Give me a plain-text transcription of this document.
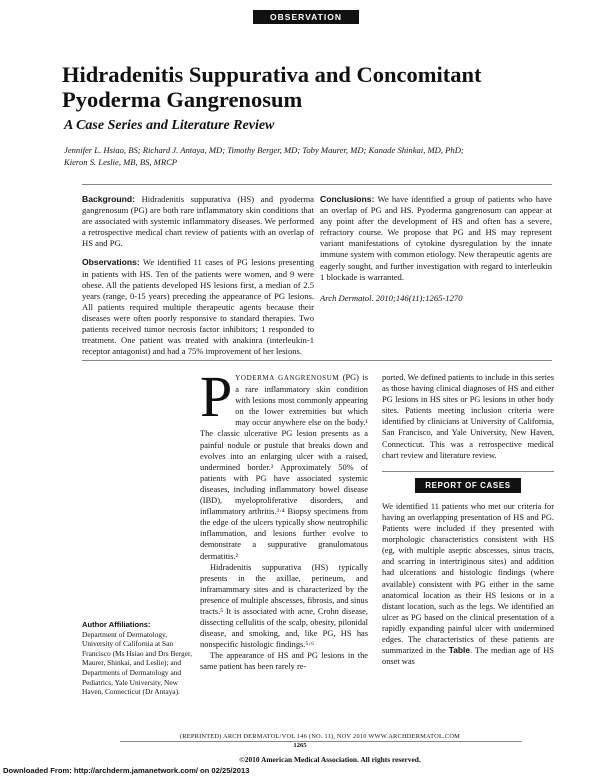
OBSERVATION
Hidradenitis Suppurativa and Concomitant Pyoderma Gangrenosum
A Case Series and Literature Review

Jennifer L. Hsiao, BS; Richard J. Antaya, MD; Timothy Berger, MD; Toby Maurer, MD; Kanade Shinkai, MD, PhD; Kieron S. Leslie, MB, BS, MRCP

Background: Hidradenitis suppurativa (HS) and pyoderma gangrenosum (PG) are both rare inflammatory skin conditions that are associated with systemic inflammatory diseases. We performed a retrospective medical chart review of patients with an overlap of HS and PG.

Observations: We identified 11 cases of PG lesions presenting in patients with HS. Ten of the patients were women, and 9 were obese. All the patients developed HS lesions first, a median of 2.5 years (range, 0-15 years) preceding the appearance of PG lesions. All patients required multiple therapeutic agents because their diseases were often poorly responsive to standard therapies. Two patients received tumor necrosis factor inhibitors; 1 responded to treatment. One patient was treated with anakinra (interleukin-1 receptor antagonist) and had a 75% improvement of her lesions.

Conclusions: We have identified a group of patients who have an overlap of PG and HS. Pyoderma gangrenosum can appear at any point after the development of HS and often has a severe, refractory course. We propose that PG and HS may represent variant manifestations of cytokine dysregulation by the innate immune system with common etiology. New therapeutic agents are eagerly sought, and further investigation with regard to interleukin 1 blockade is warranted.

Arch Dermatol. 2010;146(11):1265-1270

Author Affiliations:
Department of Dermatology, University of California at San Francisco (Ms Hsiao and Drs Berger, Maurer, Shinkai, and Leslie); and Departments of Dermatology and Pediatrics, Yale University, New Haven, Connecticut (Dr Antaya).

PYODERMA GANGRENOSUM (PG) is a rare inflammatory skin condition with lesions most commonly appearing on the lower extremities but which may occur anywhere else on the body.¹ The classic ulcerative PG lesion presents as a painful nodule or pustule that breaks down and evolves into an enlarging ulcer with a raised, undermined border.² Approximately 50% of patients with PG have associated systemic diseases, including inflammatory bowel disease (IBD), myeloproliferative disorders, and inflammatory arthritis.³·⁴ Biopsy specimens from the edge of the ulcers typically show neutrophilic inflammation, and lesions further evolve to demonstrate a suppurative granulomatous dermatitis.²

Hidradenitis suppurativa (HS) typically presents in the axillae, perineum, and inframammary sites and is characterized by the presence of multiple abscesses, fibrosis, and sinus tracts.⁵ It is associated with acne, Crohn disease, dissecting cellulitis of the scalp, obesity, pilonidal disease, and smoking, and, like PG, HS has nonspecific histologic findings.⁵·⁶

The appearance of HS and PG lesions in the same patient has been rarely re-

ported. We defined patients to include in this series as those having clinical diagnoses of HS and either PG lesions in HS sites or PG lesions in other body sites. Patients meeting inclusion criteria were identified by clinicians at University of California, San Francisco, and Yale University, New Haven, Connecticut. This was a retrospective medical chart review and literature review.

REPORT OF CASES

We identified 11 patients who met our criteria for having an overlapping presentation of HS and PG. Patients were included if they presented with morphologic characteristics consistent with HS (eg, with multiple aseptic abscesses, sinus tracts, and scarring in intertriginous sites) and addition had ulcerations and histologic findings (where available) consistent with PG either in the same anatomical location as their HS lesions or in a distant location, such as the legs. We identified an ulcer as PG based on the clinical presentation of a rapidly expanding painful ulcer with undermined edges. The characteristics of these patients are summarized in the Table. The median age of HS onset was

(REPRINTED) ARCH DERMATOL/VOL 146 (NO. 11), NOV 2010 WWW.ARCHDERMATOL.COM
1265
©2010 American Medical Association. All rights reserved.
Downloaded From: http://archderm.jamanetwork.com/ on 02/25/2013
